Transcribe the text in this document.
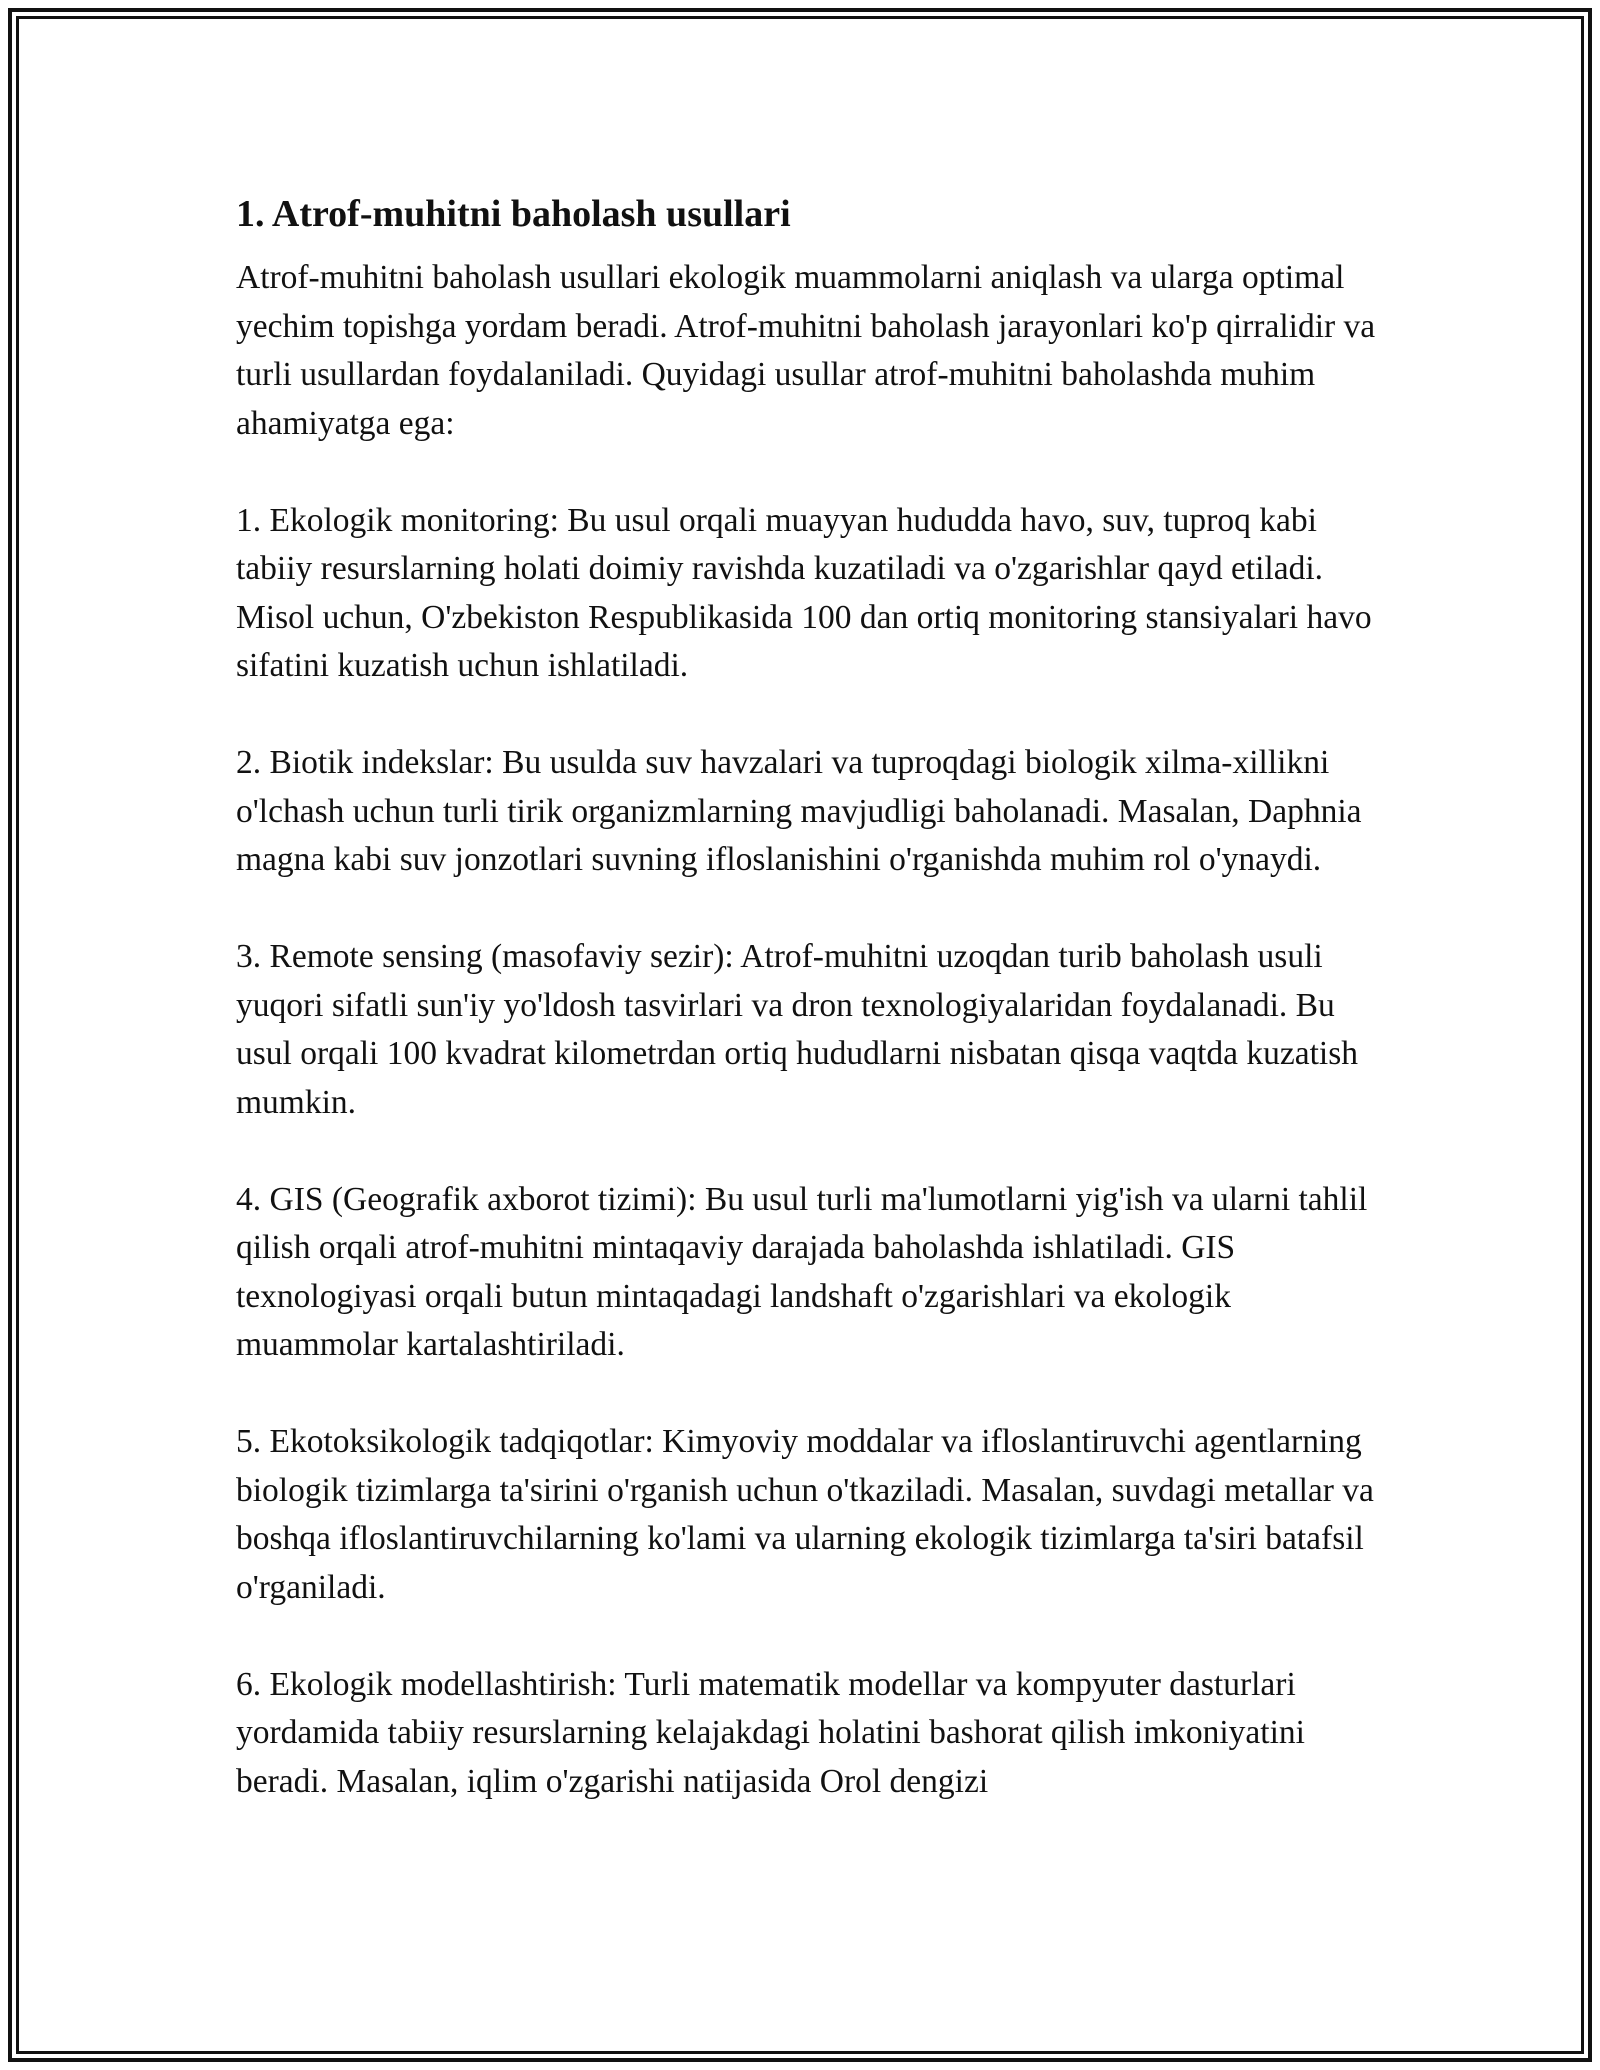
1. Atrof-muhitni baholash usullari

Atrof-muhitni baholash usullari ekologik muammolarni aniqlash va ularga optimal yechim topishga yordam beradi. Atrof-muhitni baholash jarayonlari ko'p qirralidir va turli usullardan foydalaniladi. Quyidagi usullar atrof-muhitni baholashda muhim ahamiyatga ega:

1. Ekologik monitoring: Bu usul orqali muayyan hududda havo, suv, tuproq kabi tabiiy resurslarning holati doimiy ravishda kuzatiladi va o'zgarishlar qayd etiladi. Misol uchun, O'zbekiston Respublikasida 100 dan ortiq monitoring stansiyalari havo sifatini kuzatish uchun ishlatiladi.

2. Biotik indekslar: Bu usulda suv havzalari va tuproqdagi biologik xilma-xillikni o'lchash uchun turli tirik organizmlarning mavjudligi baholanadi. Masalan, Daphnia magna kabi suv jonzotlari suvning ifloslanishini o'rganishda muhim rol o'ynaydi.

3. Remote sensing (masofaviy sezir): Atrof-muhitni uzoqdan turib baholash usuli yuqori sifatli sun'iy yo'ldosh tasvirlari va dron texnologiyalaridan foydalanadi. Bu usul orqali 100 kvadrat kilometrdan ortiq hududlarni nisbatan qisqa vaqtda kuzatish mumkin.

4. GIS (Geografik axborot tizimi): Bu usul turli ma'lumotlarni yig'ish va ularni tahlil qilish orqali atrof-muhitni mintaqaviy darajada baholashda ishlatiladi. GIS texnologiyasi orqali butun mintaqadagi landshaft o'zgarishlari va ekologik muammolar kartalashtiriladi.

5. Ekotoksikologik tadqiqotlar: Kimyoviy moddalar va ifloslantiruvchi agentlarning biologik tizimlarga ta'sirini o'rganish uchun o'tkaziladi. Masalan, suvdagi metallar va boshqa ifloslantiruvchilarning ko'lami va ularning ekologik tizimlarga ta'siri batafsil o'rganiladi.

6. Ekologik modellashtirish: Turli matematik modellar va kompyuter dasturlari yordamida tabiiy resurslarning kelajakdagi holatini bashorat qilish imkoniyatini beradi. Masalan, iqlim o'zgarishi natijasida Orol dengizi
